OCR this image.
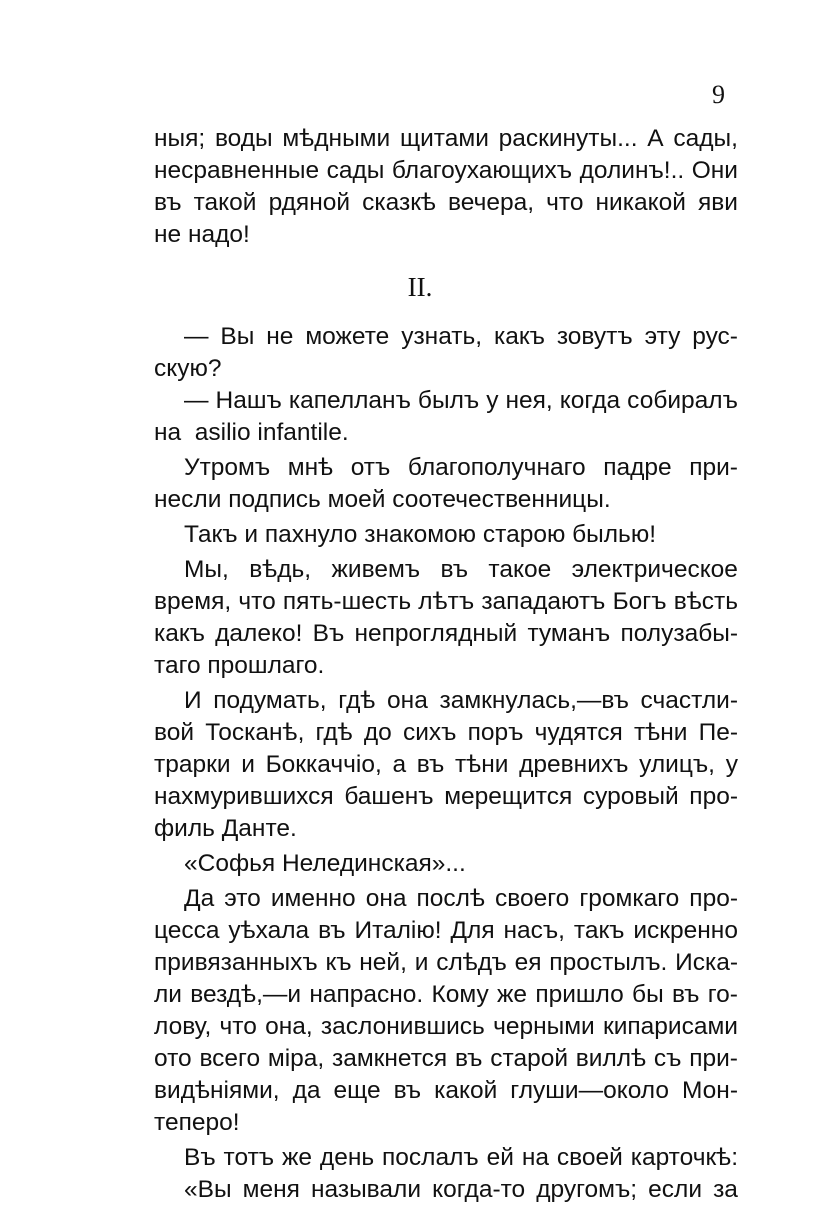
9
II.
ныя; воды мѣдными щитами раскинуты... А сады,
несравненные сады благоухающихъ долинъ!.. Они
въ такой рдяной сказкѣ вечера, что никакой яви
не надо!
— Вы не можете узнать, какъ зовутъ эту рус-
скую?
— Нашъ капелланъ былъ у нея, когда собиралъ
на  asilio infantile.
Утромъ мнѣ отъ благополучнаго падре при-
несли подпись моей соотечественницы.
Такъ и пахнуло знакомою старою былью!
Мы, вѣдь, живемъ въ такое электрическое
время, что пять-шесть лѣтъ западаютъ Богъ вѣсть
какъ далеко! Въ непроглядный туманъ полузабы-
таго прошлаго.
И подумать, гдѣ она замкнулась,—въ счастли-
вой Тосканѣ, гдѣ до сихъ поръ чудятся тѣни Пе-
трарки и Боккаччіо, а въ тѣни древнихъ улицъ, у
нахмурившихся башенъ мерещится суровый про-
филь Данте.
«Софья Нелединская»...
Да это именно она послѣ своего громкаго про-
цесса уѣхала въ Италію! Для насъ, такъ искренно
привязанныхъ къ ней, и слѣдъ ея простылъ. Иска-
ли вездѣ,—и напрасно. Кому же пришло бы въ го-
лову, что она, заслонившись черными кипарисами
ото всего міра, замкнется въ старой виллѣ съ при-
видѣніями, да еще въ какой глуши—около Мон-
теперо!
Въ тотъ же день послалъ ей на своей карточкѣ:
«Вы меня называли когда-то другомъ; если за
